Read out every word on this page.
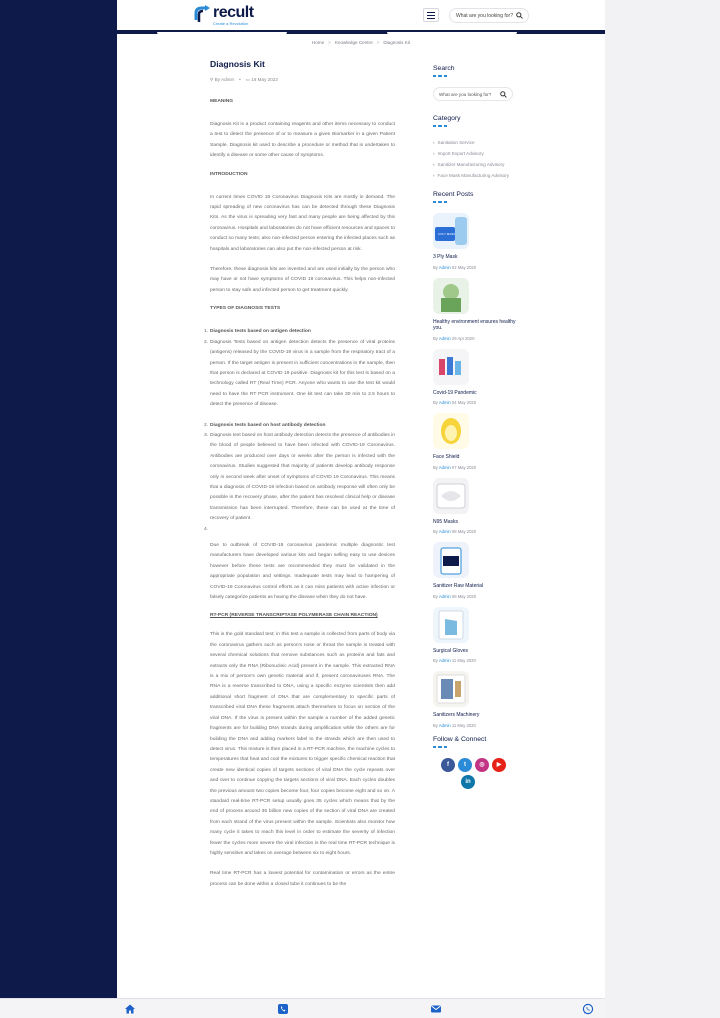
recult
Create a Revolution
What are you looking for?
Home > Knowledge Centre > Diagnosis Kit
Diagnosis Kit
⚲ By Admin • ▭ 16 May 2023
MEANING

Diagnosis Kit is a product containing reagents and other items necessary to conduct a test to detect the presence of or to measure a given Biomarker in a given Patient Sample. Diagnosis kit used to describe a procedure or method that is undertaken to identify a disease or some other cause of symptoms.

INTRODUCTION

In current times COVID 19 Coronavirus Diagnosis Kits are mostly in demand. The rapid spreading of new coronavirus has can be detected through these Diagnosis Kits. As the virus is spreading very fast and many people are being affected by this coronavirus. Hospitals and laboratories do not have efficient resources and spaces to conduct so many tests; also non-infected person entering the infected places such as hospitals and laboratories can also put the non-infected person at risk.

Therefore, these diagnosis kits are invented and are used initially by the person who may have or not have symptoms of COVID 19 coronavirus. This helps non-infected person to stay safe and infected person to get treatment quickly.

TYPES OF DIAGNOSIS TESTS
1. Diagnosis tests based on antigen detection
2. Diagnosis Tests based on antigen detection detects the presence of viral proteins (antigens) released by the COVID-19 virus in a sample from the respiratory tract of a person. If the target antigen is present in sufficient concentrations in the sample, then that person is declared at COVID 19 positive. Diagnosis kit for this test is based on a technology called RT (Real Time) PCR. Anyone who wants to use the test kit would need to have the RT PCR instrument. One kit test can take 30 min to 2.5 hours to detect the presence of disease.
2. Diagnosis tests based on host antibody detection
3. Diagnosis test based on host antibody detection detects the presence of antibodies in the blood of people believed to have been infected with COVID-19 Coronavirus. Antibodies are produced over days or weeks after the person is infected with the coronavirus. Studies suggested that majority of patients develop antibody response only in second week after onset of symptoms of COVID 19 Coronavirus. This means that a diagnosis of COVID-19 infection based on antibody response will often only be possible in the recovery phase, after the patient has resolved clinical help or disease transmission has been interrupted. Therefore, these can be used at the time of recovery of patient
4.

Due to outbreak of COVID-19 coronavirus pandemic multiple diagnostic test manufacturers have developed various kits and began selling easy to use devices however before these tests are recommended they must be validated in the appropriate population and settings. Inadequate tests may lead to hampering of COVID-19 Coronavirus control efforts as it can miss patients with active infection or falsely categorize patients as having the disease when they do not have.

RT-PCR (REVERSE TRANSCRIPTASE POLYMERASE CHAIN REACTION)

This is the gold standard test; in this test a sample is collected from parts of body via the coronavirus gathers such as person's nose or throat the sample is treated with several chemical solutions that remove substances such as proteins and fats and extracts only the RNA (Ribonucleic Acid) present in the sample. This extracted RNA is a mix of person's own genetic material and if, present coronaviruses RNA. The RNA is a reverse transcribed to DNA, using a specific enzyme scientists then add additional short fragment of DNA that are complementary to specific parts of transcribed viral DNA these fragments attach themselves to focus on section of the viral DNA. If the virus is present within the sample a number of the added genetic fragments are for building DNA strands during amplification while the others are for building the DNA and adding markers label to the strands which are then used to detect virus. This mixture is then placed in a RT-PCR machine, the machine cycles to temperatures that heat and cool the mixtures to trigger specific chemical reaction that create new identical copies of targets sections of viral DNA the cycle repeats over and over to continue copying the targets sections of viral DNA. Each cycles doubles the previous amount two copies become four, four copies become eight and so on. A standard real-time RT-PCR setup usually goes 35 cycles which means that by the end of process around 35 billion new copies of the section of viral DNA are created from each strand of the virus present within the sample. Scientists also monitor how many cycle it takes to reach this level in order to estimate the severity of infection fewer the cycles more severe the viral infection is the real time RT-PCR technique is highly sensitive and takes on average between six to eight hours.

Real time RT-PCR has a lowest potential for contamination or errors as the entire process can be done within a closed tube it continues to be the

Search
What are you looking for?
Category
› Sanitation Service
› Import Export Advisory
› Sanitizer Manufacturing Advisory
› Face Mask Manufacturing Advisory
Recent Posts
3 PLY MASK
3 Ply Mask
By Admin 02 May 2020
Healthy environment ensures healthy you.
By Admin 29 Apr 2020
Covid-19 Pandemic
By Admin 04 May 2020
Face Shield
By Admin 07 May 2020
N95 Masks
By Admin 08 May 2020
Sanitizer Raw Material
By Admin 08 May 2020
Surgical Gloves
By Admin 11 May 2020
Sanitizers Machinery
By Admin 11 May 2020
Follow & Connect
f	t	◎	▶
in
